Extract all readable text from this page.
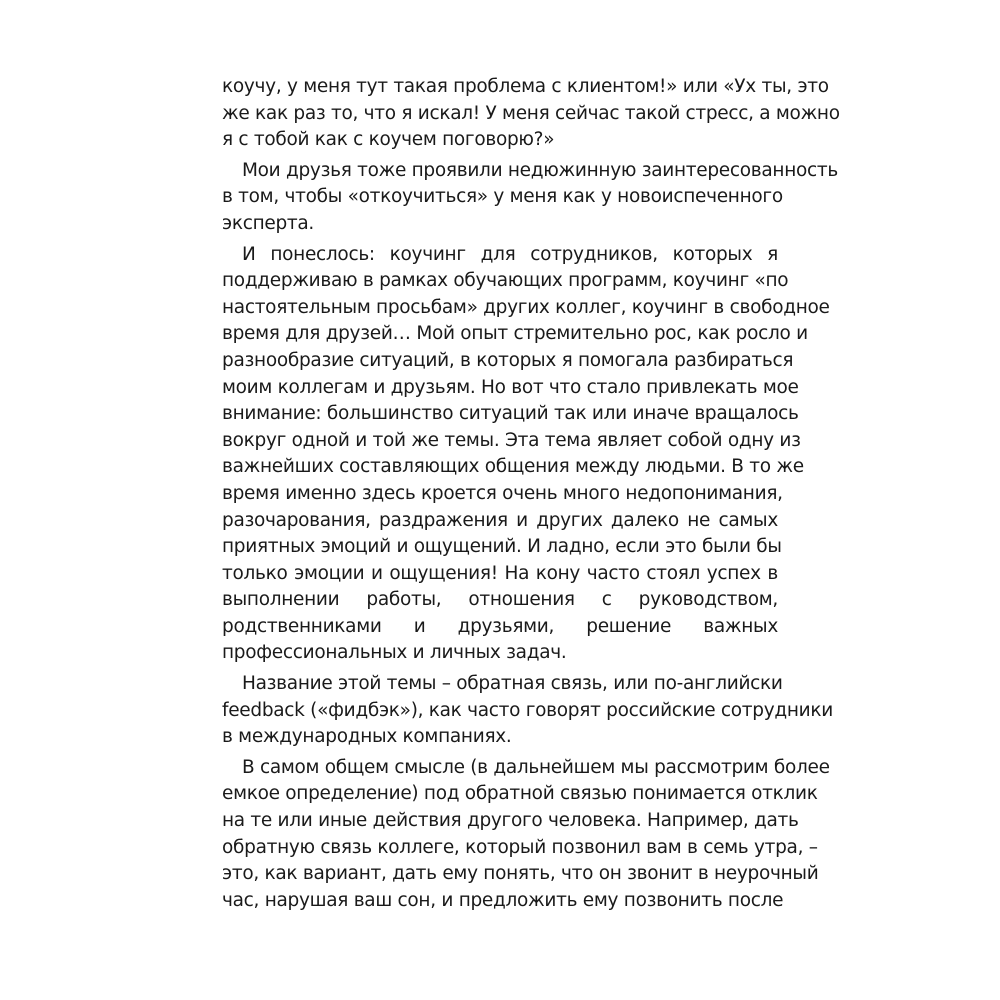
коучу, у меня тут такая проблема с клиентом!» или «Ух ты, это
же как раз то, что я искал! У меня сейчас такой стресс, а можно
я с тобой как с коучем поговорю?»
Мои друзья тоже проявили недюжинную заинтересованность
в том, чтобы «откоучиться» у меня как у новоиспеченного
эксперта.
И понеслось: коучинг для сотрудников, которых я
поддерживаю в рамках обучающих программ, коучинг «по
настоятельным просьбам» других коллег, коучинг в свободное
время для друзей… Мой опыт стремительно рос, как росло и
разнообразие ситуаций, в которых я помогала разбираться
моим коллегам и друзьям. Но вот что стало привлекать мое
внимание: большинство ситуаций так или иначе вращалось
вокруг одной и той же темы. Эта тема являет собой одну из
важнейших составляющих общения между людьми. В то же
время именно здесь кроется очень много недопонимания,
разочарования, раздражения и других далеко не самых
приятных эмоций и ощущений. И ладно, если это были бы
только эмоции и ощущения! На кону часто стоял успех в
выполнении работы, отношения с руководством,
родственниками и друзьями, решение важных
профессиональных и личных задач.
Название этой темы – обратная связь, или по-английски
feedback («фидбэк»), как часто говорят российские сотрудники
в международных компаниях.
В самом общем смысле (в дальнейшем мы рассмотрим более
емкое определение) под обратной связью понимается отклик
на те или иные действия другого человека. Например, дать
обратную связь коллеге, который позвонил вам в семь утра, –
это, как вариант, дать ему понять, что он звонит в неурочный
час, нарушая ваш сон, и предложить ему позвонить после
